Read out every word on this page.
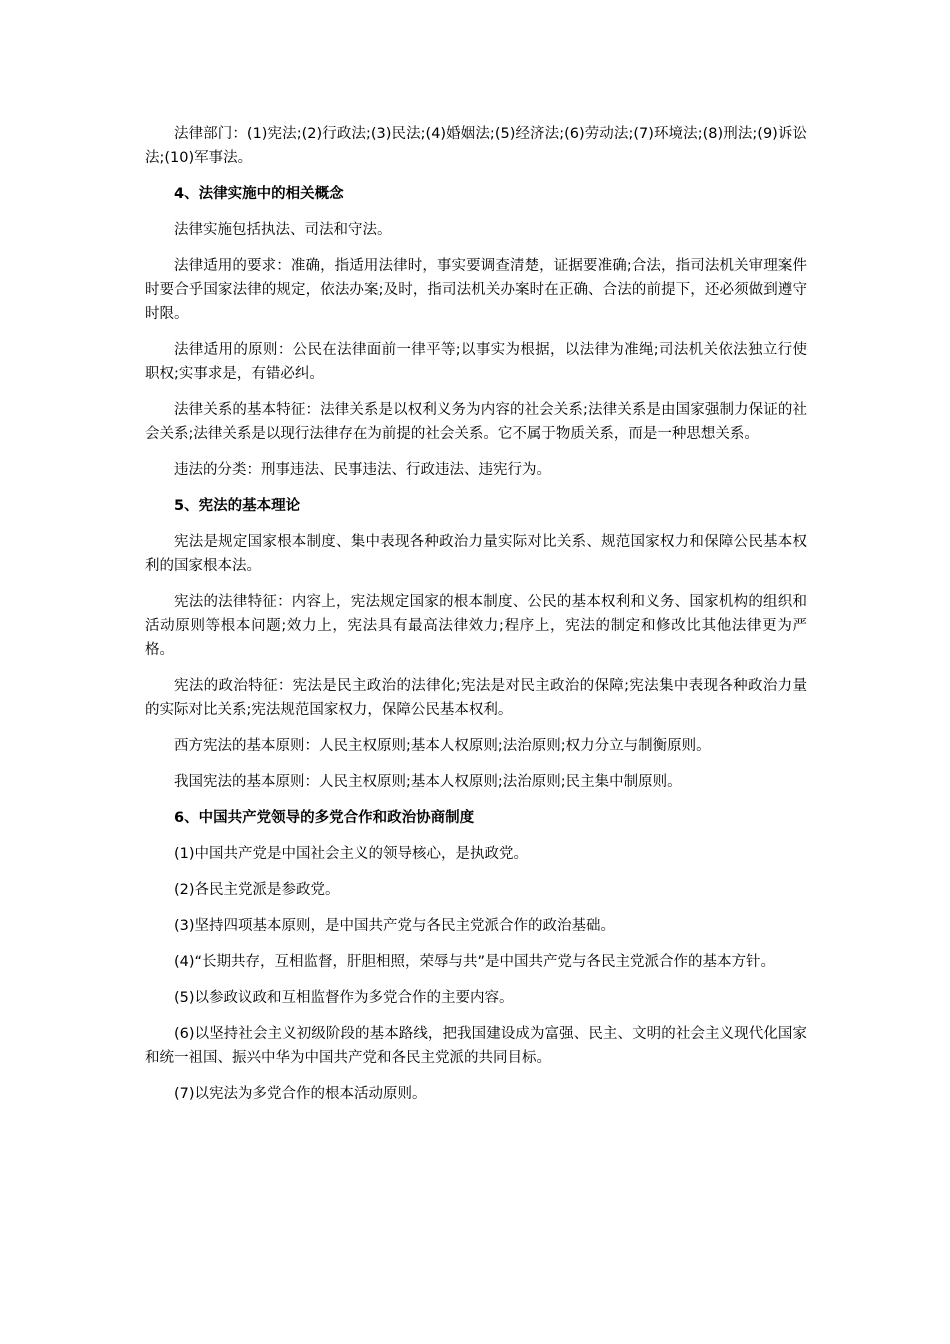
法律部门：(1)宪法;(2)行政法;(3)民法;(4)婚姻法;(5)经济法;(6)劳动法;(7)环境法;(8)刑法;(9)诉讼法;(10)军事法。

4、法律实施中的相关概念

法律实施包括执法、司法和守法。

法律适用的要求：准确，指适用法律时，事实要调查清楚，证据要准确;合法，指司法机关审理案件时要合乎国家法律的规定，依法办案;及时，指司法机关办案时在正确、合法的前提下，还必须做到遵守时限。

法律适用的原则：公民在法律面前一律平等;以事实为根据，以法律为准绳;司法机关依法独立行使职权;实事求是，有错必纠。

法律关系的基本特征：法律关系是以权利义务为内容的社会关系;法律关系是由国家强制力保证的社会关系;法律关系是以现行法律存在为前提的社会关系。它不属于物质关系，而是一种思想关系。

违法的分类：刑事违法、民事违法、行政违法、违宪行为。

5、宪法的基本理论

宪法是规定国家根本制度、集中表现各种政治力量实际对比关系、规范国家权力和保障公民基本权利的国家根本法。

宪法的法律特征：内容上，宪法规定国家的根本制度、公民的基本权利和义务、国家机构的组织和活动原则等根本问题;效力上，宪法具有最高法律效力;程序上，宪法的制定和修改比其他法律更为严格。

宪法的政治特征：宪法是民主政治的法律化;宪法是对民主政治的保障;宪法集中表现各种政治力量的实际对比关系;宪法规范国家权力，保障公民基本权利。

西方宪法的基本原则：人民主权原则;基本人权原则;法治原则;权力分立与制衡原则。

我国宪法的基本原则：人民主权原则;基本人权原则;法治原则;民主集中制原则。

6、中国共产党领导的多党合作和政治协商制度

(1)中国共产党是中国社会主义的领导核心，是执政党。

(2)各民主党派是参政党。

(3)坚持四项基本原则，是中国共产党与各民主党派合作的政治基础。

(4)“长期共存，互相监督，肝胆相照，荣辱与共”是中国共产党与各民主党派合作的基本方针。

(5)以参政议政和互相监督作为多党合作的主要内容。

(6)以坚持社会主义初级阶段的基本路线，把我国建设成为富强、民主、文明的社会主义现代化国家和统一祖国、振兴中华为中国共产党和各民主党派的共同目标。

(7)以宪法为多党合作的根本活动原则。
